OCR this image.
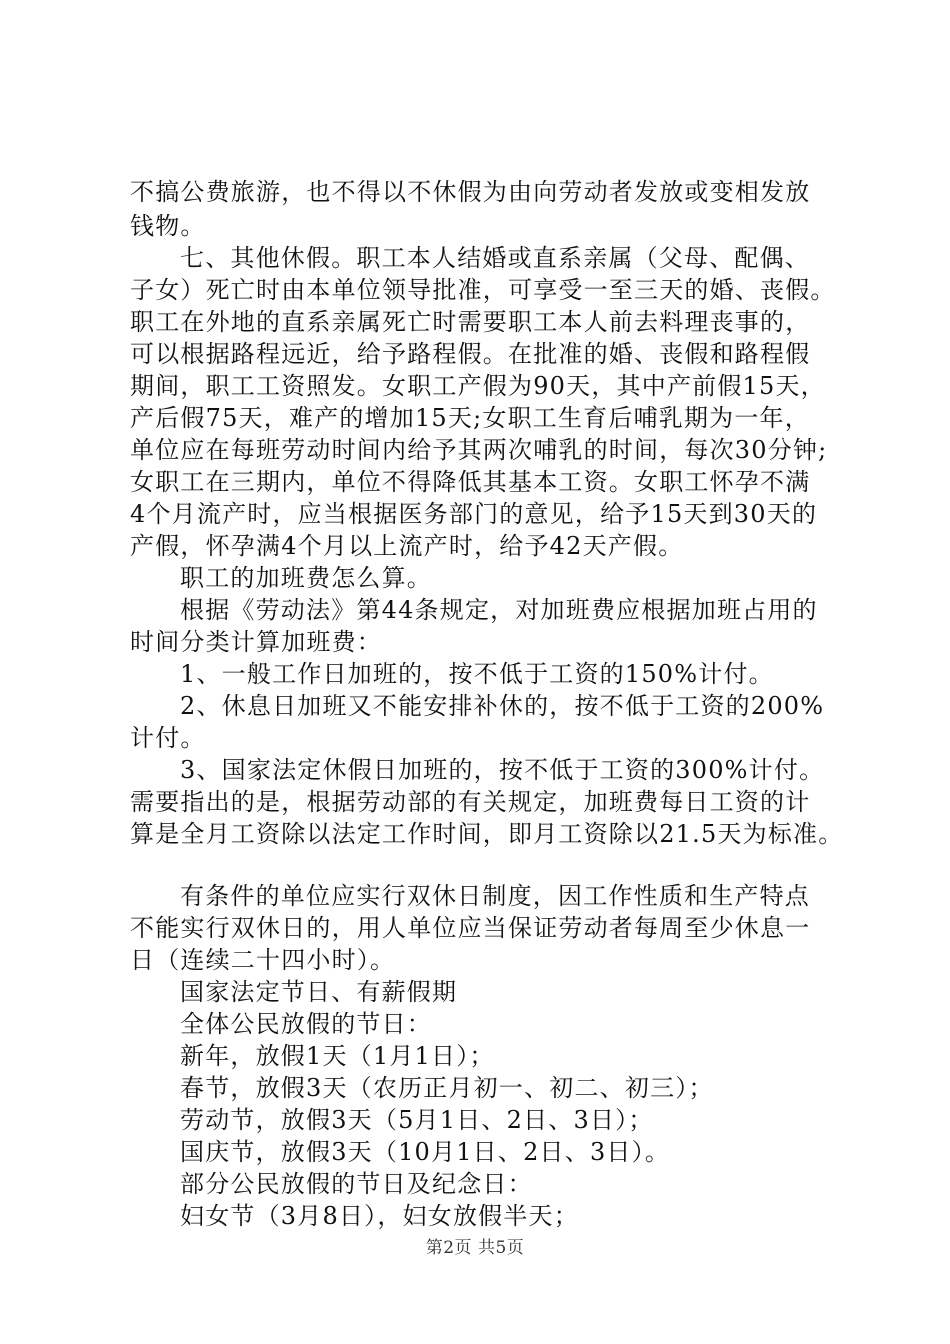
不搞公费旅游，也不得以不休假为由向劳动者发放或变相发放
钱物。
七、其他休假。职工本人结婚或直系亲属（父母、配偶、
子女）死亡时由本单位领导批准，可享受一至三天的婚、丧假。
职工在外地的直系亲属死亡时需要职工本人前去料理丧事的，
可以根据路程远近，给予路程假。在批准的婚、丧假和路程假
期间，职工工资照发。女职工产假为90天，其中产前假15天，
产后假75天，难产的增加15天;女职工生育后哺乳期为一年，
单位应在每班劳动时间内给予其两次哺乳的时间，每次30分钟;
女职工在三期内，单位不得降低其基本工资。女职工怀孕不满
4个月流产时，应当根据医务部门的意见，给予15天到30天的
产假，怀孕满4个月以上流产时，给予42天产假。
职工的加班费怎么算。
根据《劳动法》第44条规定，对加班费应根据加班占用的
时间分类计算加班费：
1、一般工作日加班的，按不低于工资的150%计付。
2、休息日加班又不能安排补休的，按不低于工资的200%
计付。
3、国家法定休假日加班的，按不低于工资的300%计付。
需要指出的是，根据劳动部的有关规定，加班费每日工资的计
算是全月工资除以法定工作时间，即月工资除以21.5天为标准。
有条件的单位应实行双休日制度，因工作性质和生产特点
不能实行双休日的，用人单位应当保证劳动者每周至少休息一
日（连续二十四小时）。
国家法定节日、有薪假期
全体公民放假的节日：
新年，放假1天（1月1日）；
春节，放假3天（农历正月初一、初二、初三）；
劳动节，放假3天（5月1日、2日、3日）；
国庆节，放假3天（10月1日、2日、3日）。
部分公民放假的节日及纪念日：
妇女节（3月8日），妇女放假半天；
第2页 共5页
